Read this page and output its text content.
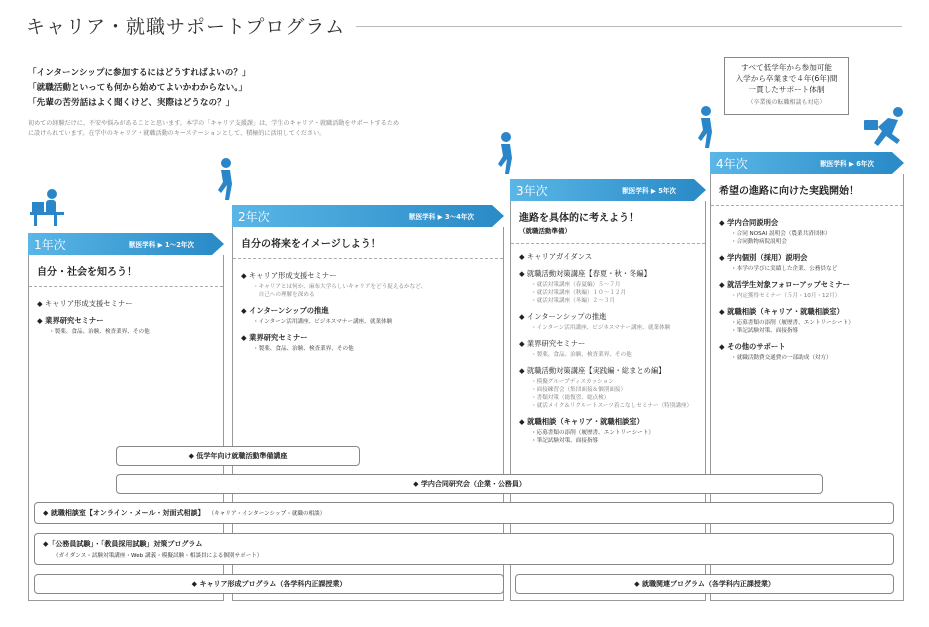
キャリア・就職サポートプログラム
「インターンシップに参加するにはどうすればよいの？」
「就職活動といっても何から始めてよいかわからない。」
「先輩の苦労話はよく聞くけど、実際はどうなの？」
初めての経験だけに、不安や悩みがあることと思います。本学の「キャリア支援課」は、学生のキャリア・就職活動をサポートするため
に設けられています。在学中のキャリア・就職活動のキーステーションとして、積極的に活用してください。
すべて低学年から参加可能
入学から卒業まで４年(6年)間
一貫したサポート体制
（卒業後の転職相談も対応）
1年次	獣医学科 ▶ 1～2年次
自分・社会を知ろう！
◆ キャリア形成支援セミナー
◆ 業界研究セミナー
・製薬、食品、治験、検査業界、その他
2年次	獣医学科 ▶ 3～4年次
自分の将来をイメージしよう！
◆ キャリア形成支援セミナー
・キャリアとは何か、麻布大学らしいキャリアをどう捉えるかなど、
　自己への理解を深める
◆ インターンシップの推進
・インターン活用講座、ビジネスマナー講座、就業体験
◆ 業界研究セミナー
・製薬、食品、治験、検査業界、その他
3年次	獣医学科 ▶ 5年次
進路を具体的に考えよう！
（就職活動準備）
◆ キャリアガイダンス
◆ 就職活動対策講座【春夏・秋・冬編】
・就活対策講座（春夏編）５～７月
・就活対策講座（秋編）１０～１２月
・就活対策講座（冬編）２～３月
◆ インターンシップの推進
・インターン活用講座、ビジネスマナー講座、就業体験
◆ 業界研究セミナー
・製薬、食品、治験、検査業界、その他
◆ 就職活動対策講座【実践編・総まとめ編】
・模擬グループディスカッション
・面接練習会（集団面接＆個別面接）
・書類対策（総復習、総点検）
・就活メイク＆リクルートスーツ着こなしセミナー（特別講座）
◆ 就職相談（キャリア・就職相談室）
・応募書類の添削（履歴書、エントリーシート）
・筆記試験対策、面接指導
4年次	獣医学科 ▶ 6年次
希望の進路に向けた実践開始！
◆ 学内合同説明会
・合同 NOSAI 説明会（農業共済団体）
・合同動物病院説明会
◆ 学内個別（採用）説明会
・本学の学びに実績した企業、公務員など
◆ 就活学生対象フォローアップセミナー
・内定獲得セミナー（５月・10月・12月）
◆ 就職相談（キャリア・就職相談室）
・応募書類の添削（履歴書、エントリーシート）
・筆記試験対策、面接指導
◆ その他のサポート
・就職活動費交通費の一部助成（対方）
◆ 低学年向け就職活動準備講座
◆ 学内合同研究会（企業・公務員）
◆ 就職相談室【オンライン・メール・対面式相談】 （キャリア・インターンシップ・就職の相談）
◆「公務員試験」・「教員採用試験」対策プログラム
（ガイダンス・試験対策講座・Web 講義・模擬試験・相談員による個別サポート）
◆ キャリア形成プログラム（各学科内正課授業）	◆ 就職関連プログラム（各学科内正課授業）
